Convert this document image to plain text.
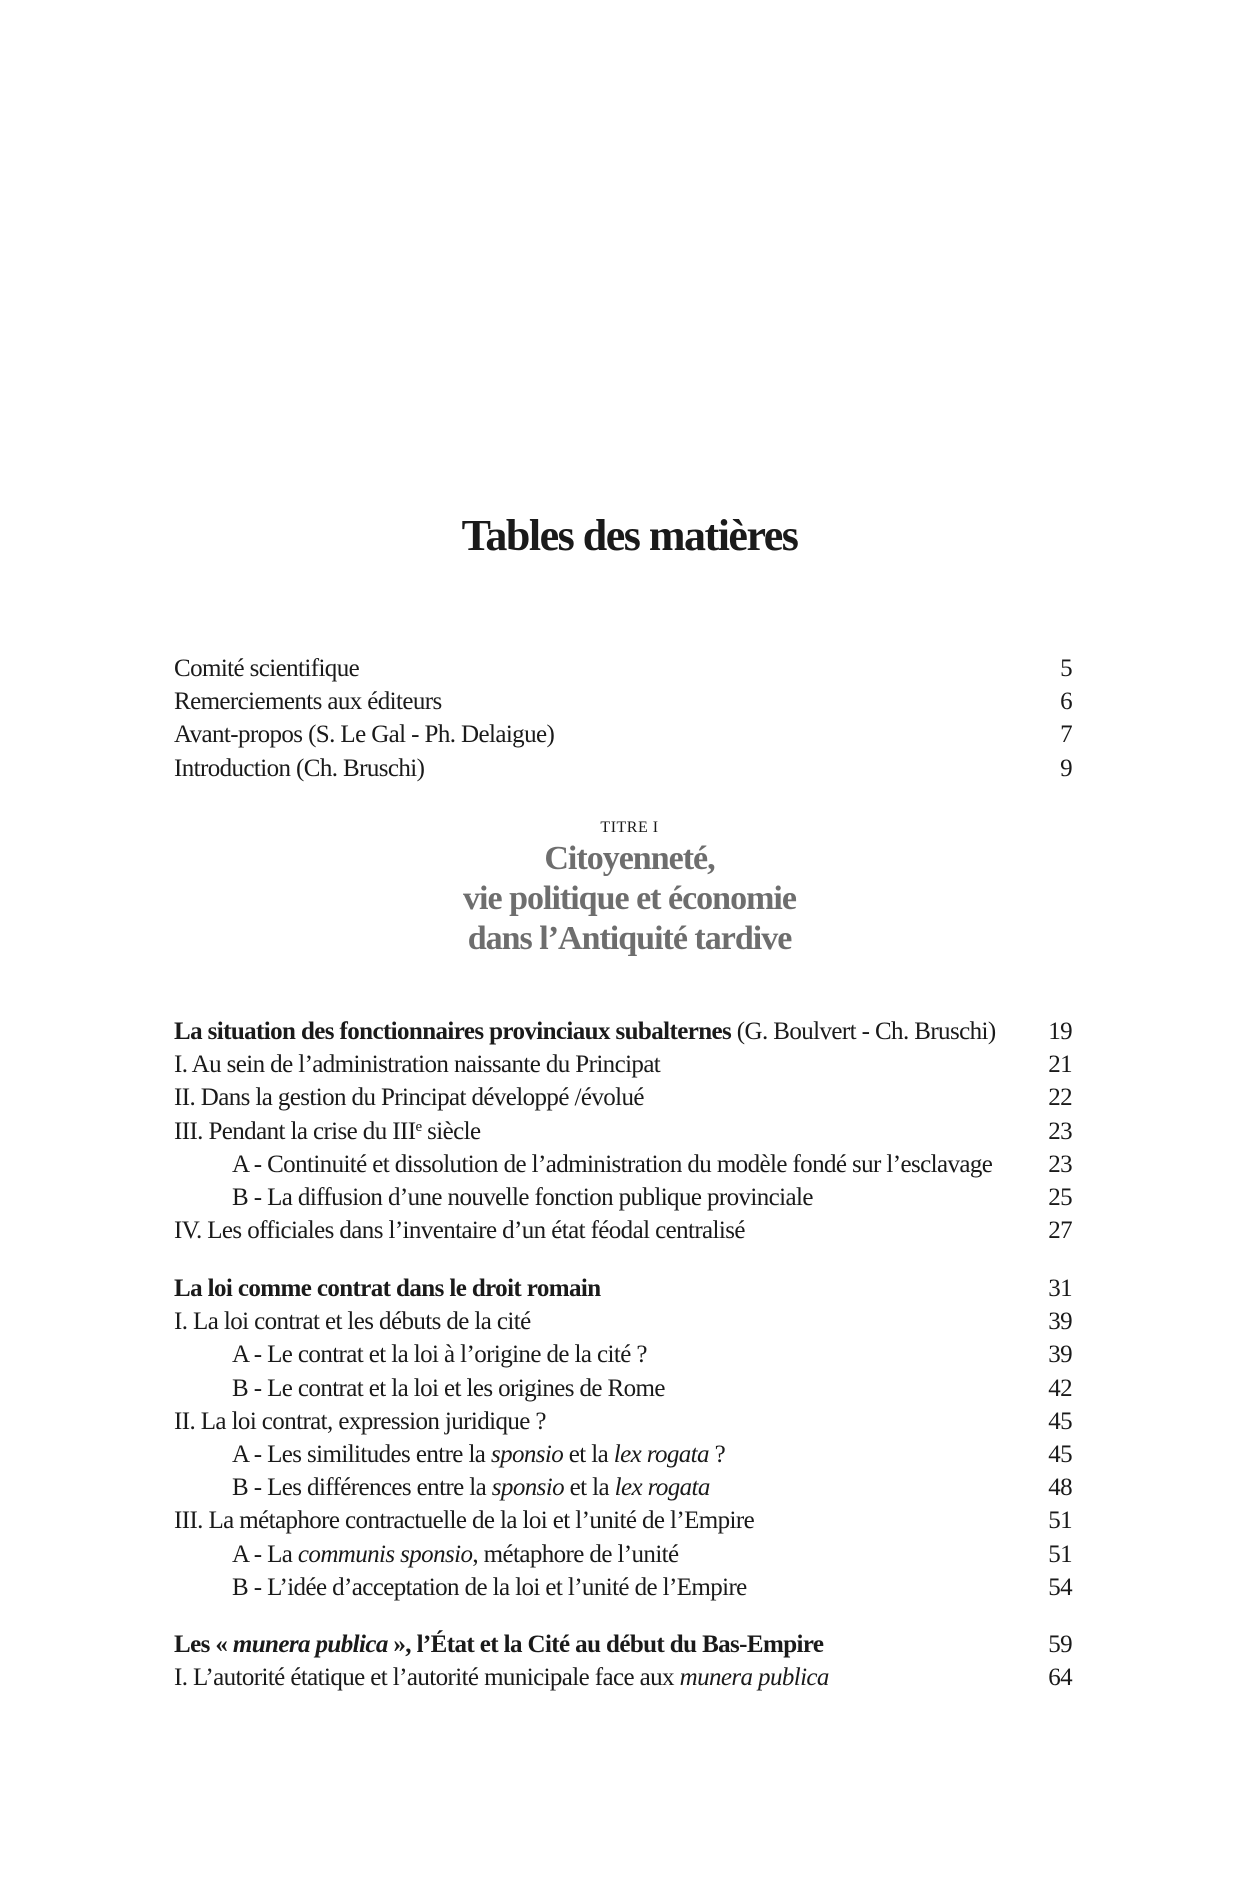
Tables des matières
Comité scientifique	5
Remerciements aux éditeurs	6
Avant-propos (S. Le Gal - Ph. Delaigue)	7
Introduction (Ch. Bruschi)	9
TITRE I
Citoyenneté,
vie politique et économie
dans l’Antiquité tardive
La situation des fonctionnaires provinciaux subalternes (G. Boulvert - Ch. Bruschi) 19
I. Au sein de l’administration naissante du Principat	21
II. Dans la gestion du Principat développé /évolué	22
III. Pendant la crise du IIIe siècle	23
A - Continuité et dissolution de l’administration du modèle fondé sur l’esclavage 23
B - La diffusion d’une nouvelle fonction publique provinciale	25
IV. Les officiales dans l’inventaire d’un état féodal centralisé	27
La loi comme contrat dans le droit romain	31
I. La loi contrat et les débuts de la cité	39
A - Le contrat et la loi à l’origine de la cité ?	39
B - Le contrat et la loi et les origines de Rome	42
II. La loi contrat, expression juridique ?	45
A - Les similitudes entre la sponsio et la lex rogata ?	45
B - Les différences entre la sponsio et la lex rogata	48
III. La métaphore contractuelle de la loi et l’unité de l’Empire	51
A - La communis sponsio, métaphore de l’unité	51
B - L’idée d’acceptation de la loi et l’unité de l’Empire	54
Les « munera publica », l’État et la Cité au début du Bas-Empire	59
I. L’autorité étatique et l’autorité municipale face aux munera publica	64
